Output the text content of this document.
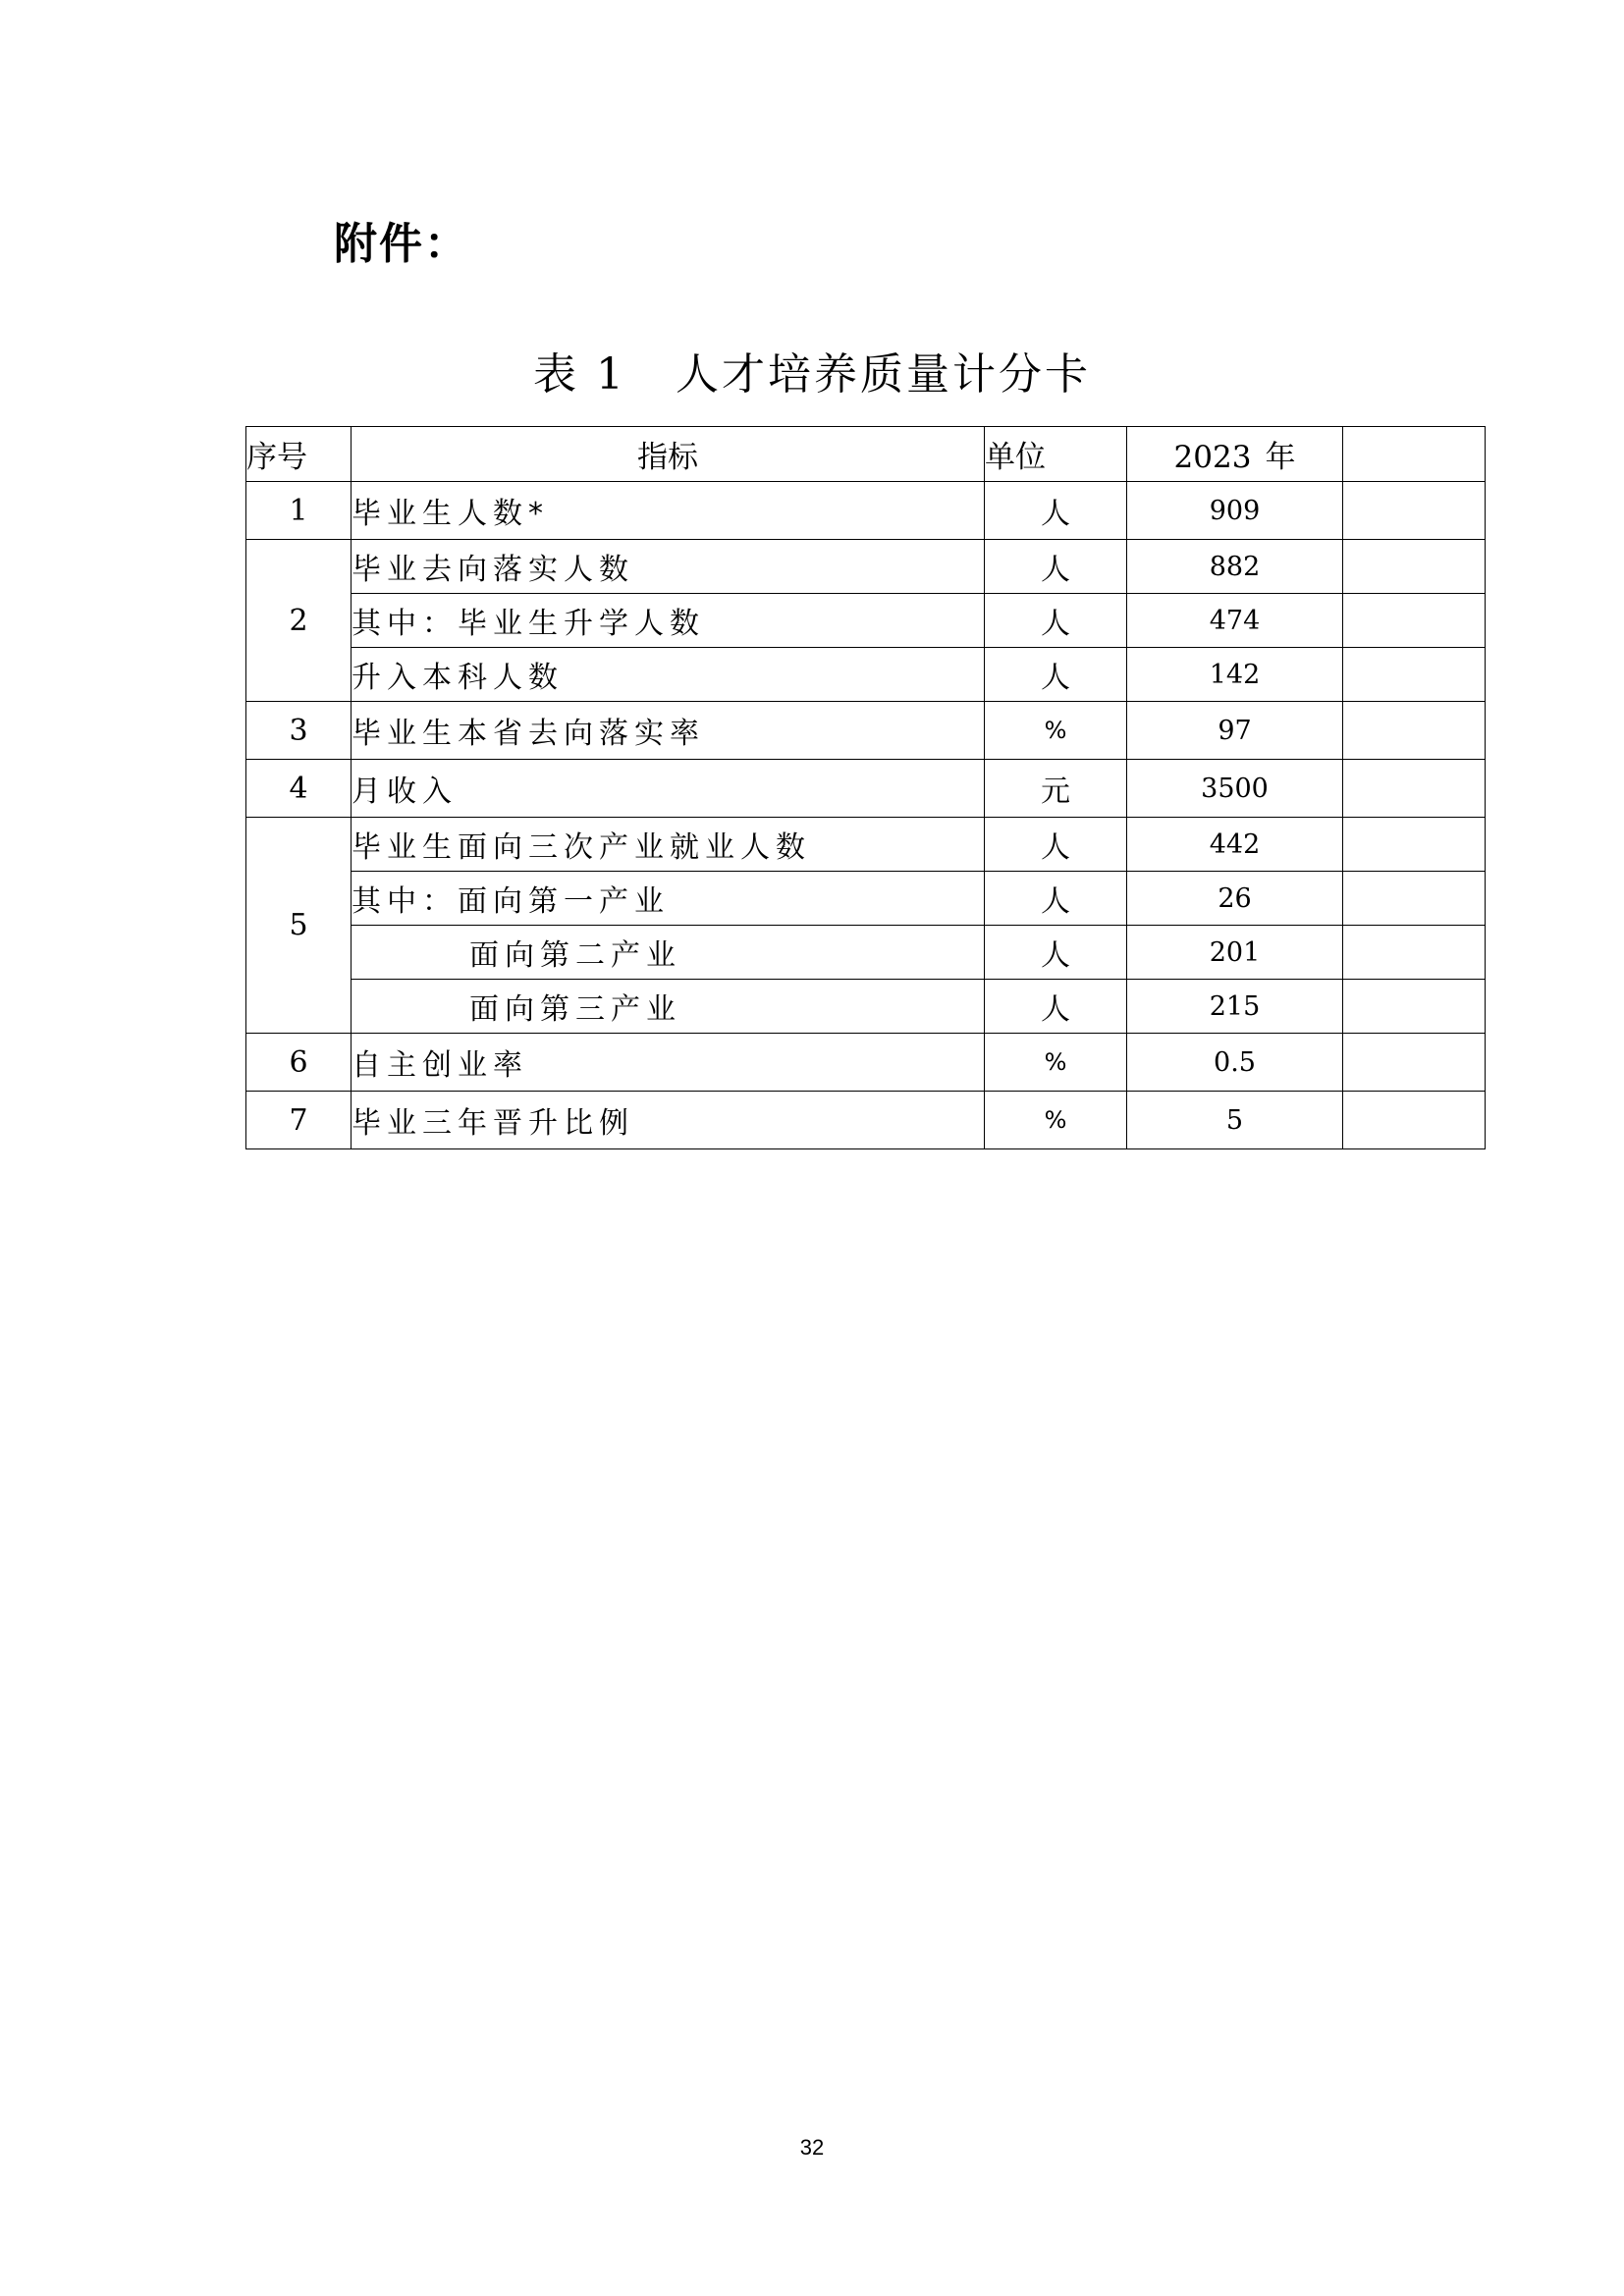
附件：
表 1 人才培养质量计分卡
序号	指标	单位	2023 年	
1	毕业生人数*	人	909	
2	毕业去向落实人数	人	882	
	其中：毕业生升学人数	人	474	
	升入本科人数	人	142	
3	毕业生本省去向落实率	%	97	
4	月收入	元	3500	
5	毕业生面向三次产业就业人数	人	442	
	其中：面向第一产业	人	26	
	面向第二产业	人	201	
	面向第三产业	人	215	
6	自主创业率	%	0.5	
7	毕业三年晋升比例	%	5	
32
